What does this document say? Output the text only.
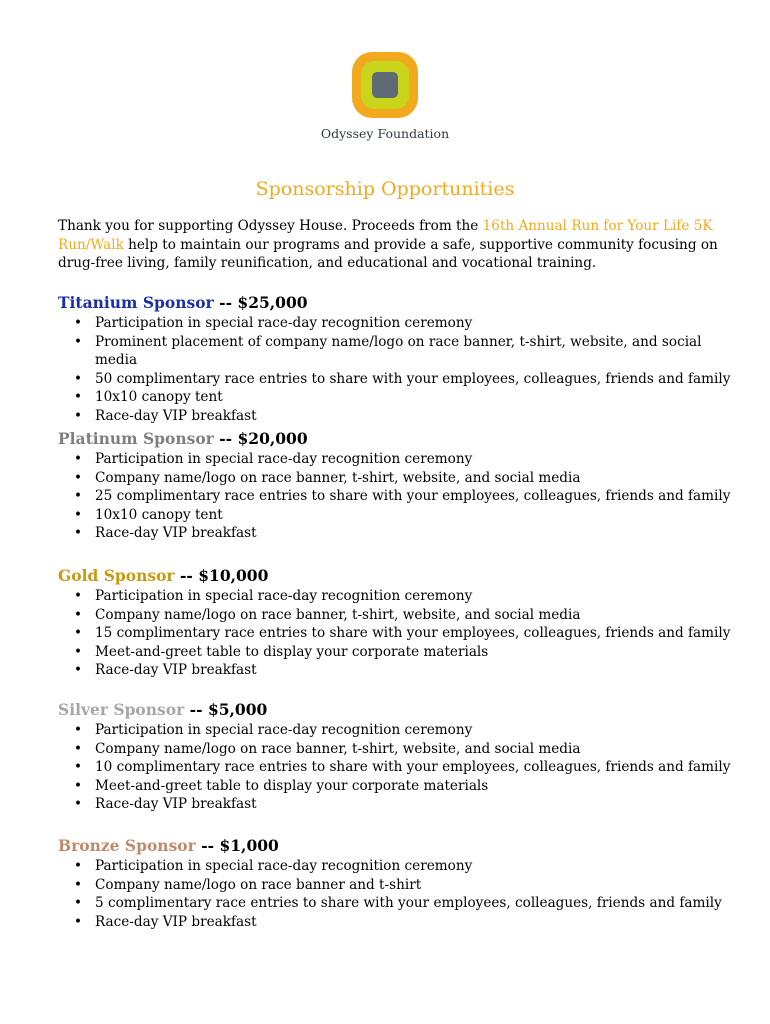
Odyssey Foundation
Sponsorship Opportunities

Thank you for supporting Odyssey House. Proceeds from the 16th Annual Run for Your Life 5K Run/Walk help to maintain our programs and provide a safe, supportive community focusing on drug-free living, family reunification, and educational and vocational training.

Titanium Sponsor -- $25,000
• Participation in special race-day recognition ceremony
• Prominent placement of company name/logo on race banner, t-shirt, website, and social media
• 50 complimentary race entries to share with your employees, colleagues, friends and family
• 10x10 canopy tent
• Race-day VIP breakfast
Platinum Sponsor -- $20,000
• Participation in special race-day recognition ceremony
• Company name/logo on race banner, t-shirt, website, and social media
• 25 complimentary race entries to share with your employees, colleagues, friends and family
• 10x10 canopy tent
• Race-day VIP breakfast
Gold Sponsor -- $10,000
• Participation in special race-day recognition ceremony
• Company name/logo on race banner, t-shirt, website, and social media
• 15 complimentary race entries to share with your employees, colleagues, friends and family
• Meet-and-greet table to display your corporate materials
• Race-day VIP breakfast
Silver Sponsor -- $5,000
• Participation in special race-day recognition ceremony
• Company name/logo on race banner, t-shirt, website, and social media
• 10 complimentary race entries to share with your employees, colleagues, friends and family
• Meet-and-greet table to display your corporate materials
• Race-day VIP breakfast
Bronze Sponsor -- $1,000
• Participation in special race-day recognition ceremony
• Company name/logo on race banner and t-shirt
• 5 complimentary race entries to share with your employees, colleagues, friends and family
• Race-day VIP breakfast
